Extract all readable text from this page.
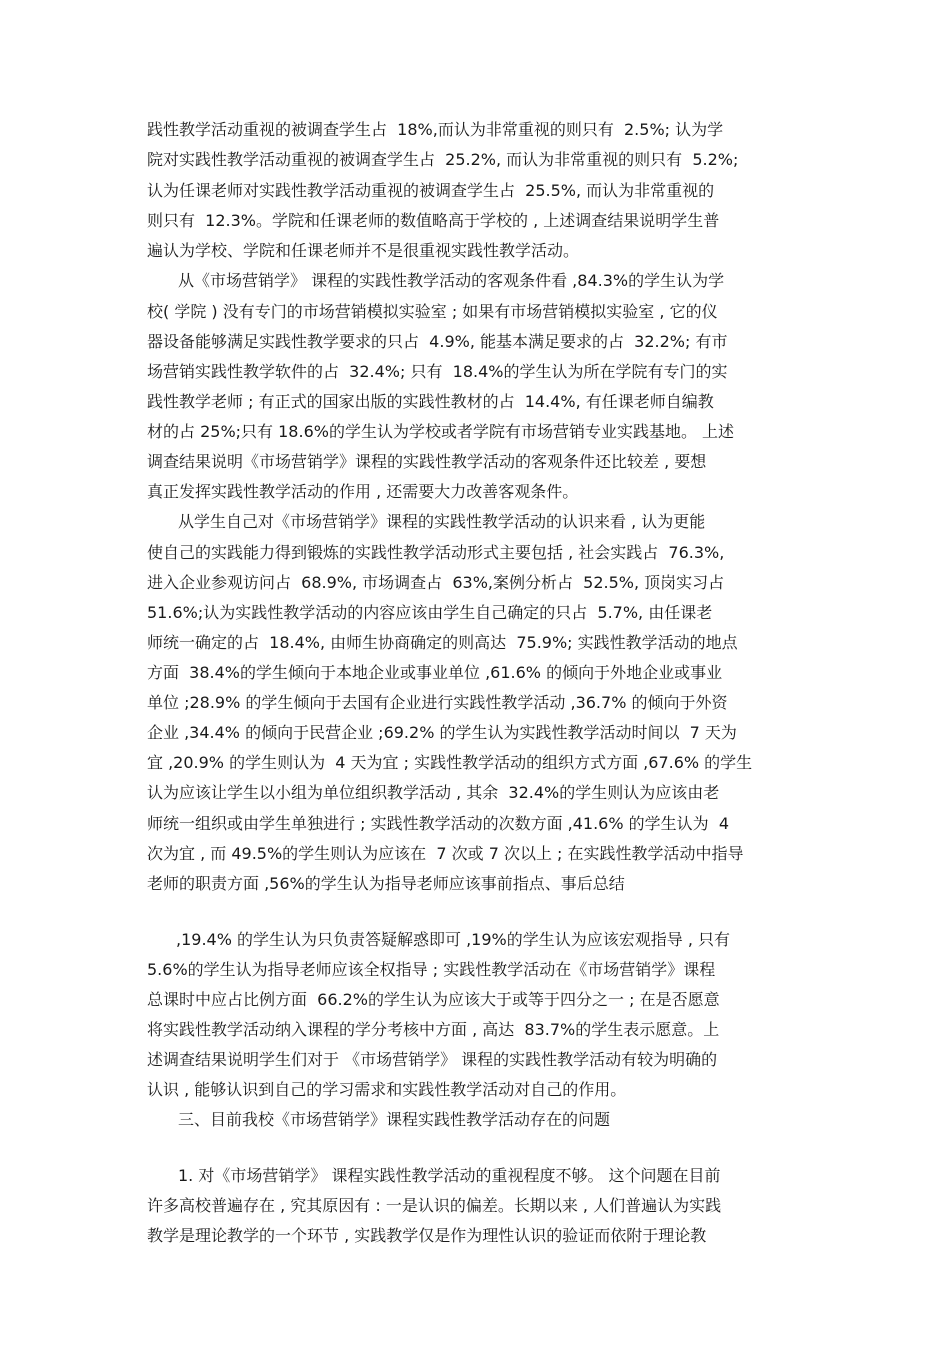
践性教学活动重视的被调查学生占  18%,而认为非常重视的则只有  2.5%; 认为学
院对实践性教学活动重视的被调查学生占  25.2%, 而认为非常重视的则只有  5.2%;
认为任课老师对实践性教学活动重视的被调查学生占  25.5%, 而认为非常重视的
则只有  12.3%。学院和任课老师的数值略高于学校的 , 上述调查结果说明学生普
遍认为学校、学院和任课老师并不是很重视实践性教学活动。
从《市场营销学》 课程的实践性教学活动的客观条件看 ,84.3%的学生认为学
校( 学院 ) 没有专门的市场营销模拟实验室 ; 如果有市场营销模拟实验室 , 它的仪
器设备能够满足实践性教学要求的只占  4.9%, 能基本满足要求的占  32.2%; 有市
场营销实践性教学软件的占  32.4%; 只有  18.4%的学生认为所在学院有专门的实
践性教学老师 ; 有正式的国家出版的实践性教材的占  14.4%, 有任课老师自编教
材的占 25%;只有 18.6%的学生认为学校或者学院有市场营销专业实践基地。 上述
调查结果说明《市场营销学》课程的实践性教学活动的客观条件还比较差 , 要想
真正发挥实践性教学活动的作用 , 还需要大力改善客观条件。
从学生自己对《市场营销学》课程的实践性教学活动的认识来看 , 认为更能
使自己的实践能力得到锻炼的实践性教学活动形式主要包括 , 社会实践占  76.3%,
进入企业参观访问占  68.9%, 市场调查占  63%,案例分析占  52.5%, 顶岗实习占
51.6%;认为实践性教学活动的内容应该由学生自己确定的只占  5.7%, 由任课老
师统一确定的占  18.4%, 由师生协商确定的则高达  75.9%; 实践性教学活动的地点
方面  38.4%的学生倾向于本地企业或事业单位 ,61.6% 的倾向于外地企业或事业
单位 ;28.9% 的学生倾向于去国有企业进行实践性教学活动 ,36.7% 的倾向于外资
企业 ,34.4% 的倾向于民营企业 ;69.2% 的学生认为实践性教学活动时间以  7 天为
宜 ,20.9% 的学生则认为  4 天为宜 ; 实践性教学活动的组织方式方面 ,67.6% 的学生
认为应该让学生以小组为单位组织教学活动 , 其余  32.4%的学生则认为应该由老
师统一组织或由学生单独进行 ; 实践性教学活动的次数方面 ,41.6% 的学生认为  4
次为宜 , 而 49.5%的学生则认为应该在  7 次或 7 次以上 ; 在实践性教学活动中指导
老师的职责方面 ,56%的学生认为指导老师应该事前指点、事后总结
,19.4% 的学生认为只负责答疑解惑即可 ,19%的学生认为应该宏观指导 , 只有
5.6%的学生认为指导老师应该全权指导 ; 实践性教学活动在《市场营销学》课程
总课时中应占比例方面  66.2%的学生认为应该大于或等于四分之一 ; 在是否愿意
将实践性教学活动纳入课程的学分考核中方面 , 高达  83.7%的学生表示愿意。上
述调查结果说明学生们对于 《市场营销学》 课程的实践性教学活动有较为明确的
认识 , 能够认识到自己的学习需求和实践性教学活动对自己的作用。
三、目前我校《市场营销学》课程实践性教学活动存在的问题
1. 对《市场营销学》 课程实践性教学活动的重视程度不够。 这个问题在目前
许多高校普遍存在 , 究其原因有 : 一是认识的偏差。长期以来 , 人们普遍认为实践
教学是理论教学的一个环节 , 实践教学仅是作为理性认识的验证而依附于理论教
